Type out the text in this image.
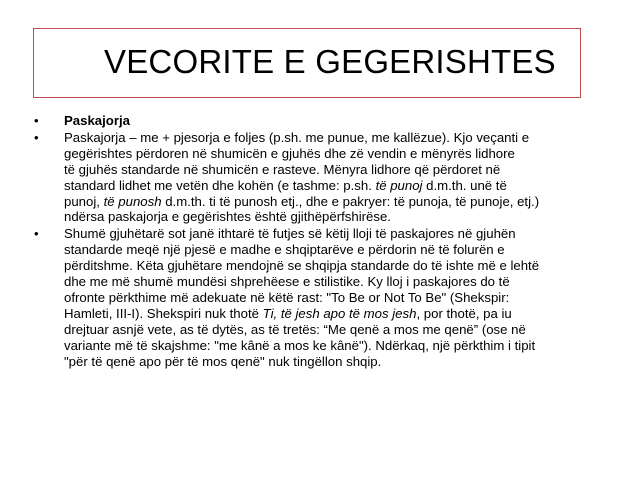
VECORITE E GEGERISHTES
• Paskajorja
• Paskajorja – me + pjesorja e foljes (p.sh. me punue, me kallëzue). Kjo veçanti e
gegërishtes përdoren në shumicën e gjuhës dhe zë vendin e mënyrës lidhore
të gjuhës standarde në shumicën e rasteve. Mënyra lidhore që përdoret në
standard lidhet me vetën dhe kohën (e tashme: p.sh. të punoj d.m.th. unë të
punoj, të punosh d.m.th. ti të punosh etj., dhe e pakryer: të punoja, të punoje, etj.)
ndërsa paskajorja e gegërishtes është gjithëpërfshirëse.
• Shumë gjuhëtarë sot janë ithtarë të futjes së këtij lloji të paskajores në gjuhën
standarde meqë një pjesë e madhe e shqiptarëve e përdorin në të folurën e
përditshme. Këta gjuhëtare mendojnë se shqipja standarde do të ishte më e lehtë
dhe me më shumë mundësi shprehëese e stilistike. Ky lloj i paskajores do të
ofronte përkthime më adekuate në këtë rast: "To Be or Not To Be" (Shekspir:
Hamleti, III-I). Shekspiri nuk thotë Ti, të jesh apo të mos jesh, por thotë, pa iu
drejtuar asnjë vete, as të dytës, as të tretës: “Me qenë a mos me qenë” (ose në
variante më të skajshme: "me kânë a mos ke kânë"). Ndërkaq, një përkthim i tipit
"për të qenë apo për të mos qenë" nuk tingëllon shqip.
